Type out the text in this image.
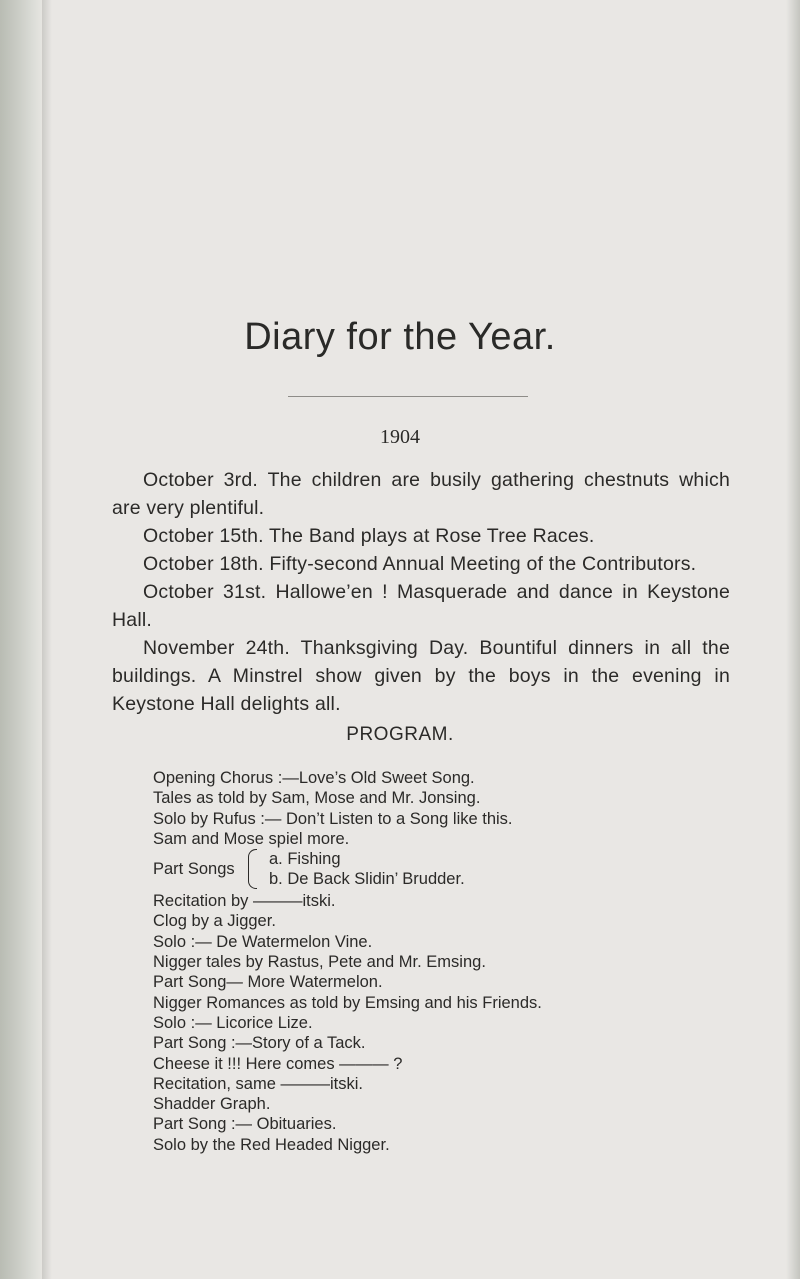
Diary for the Year.
1904

October 3rd. The children are busily gathering chestnuts which are very plentiful.

October 15th. The Band plays at Rose Tree Races.

October 18th. Fifty-second Annual Meeting of the Contributors.

October 31st. Hallowe’en ! Masquerade and dance in Keystone Hall.

November 24th. Thanksgiving Day. Bountiful dinners in all the buildings. A Minstrel show given by the boys in the evening in Keystone Hall delights all.

PROGRAM.
Opening Chorus :—Love’s Old Sweet Song.
Tales as told by Sam, Mose and Mr. Jonsing.
Solo by Rufus :— Don’t Listen to a Song like this.
Sam and Mose spiel more.
Part Songs
a. Fishing
b. De Back Slidin’ Brudder.
Recitation by ———itski.
Clog by a Jigger.
Solo :— De Watermelon Vine.
Nigger tales by Rastus, Pete and Mr. Emsing.
Part Song— More Watermelon.
Nigger Romances as told by Emsing and his Friends.
Solo :— Licorice Lize.
Part Song :—Story of a Tack.
Cheese it !!! Here comes ——— ?
Recitation, same ———itski.
Shadder Graph.
Part Song :— Obituaries.
Solo by the Red Headed Nigger.
